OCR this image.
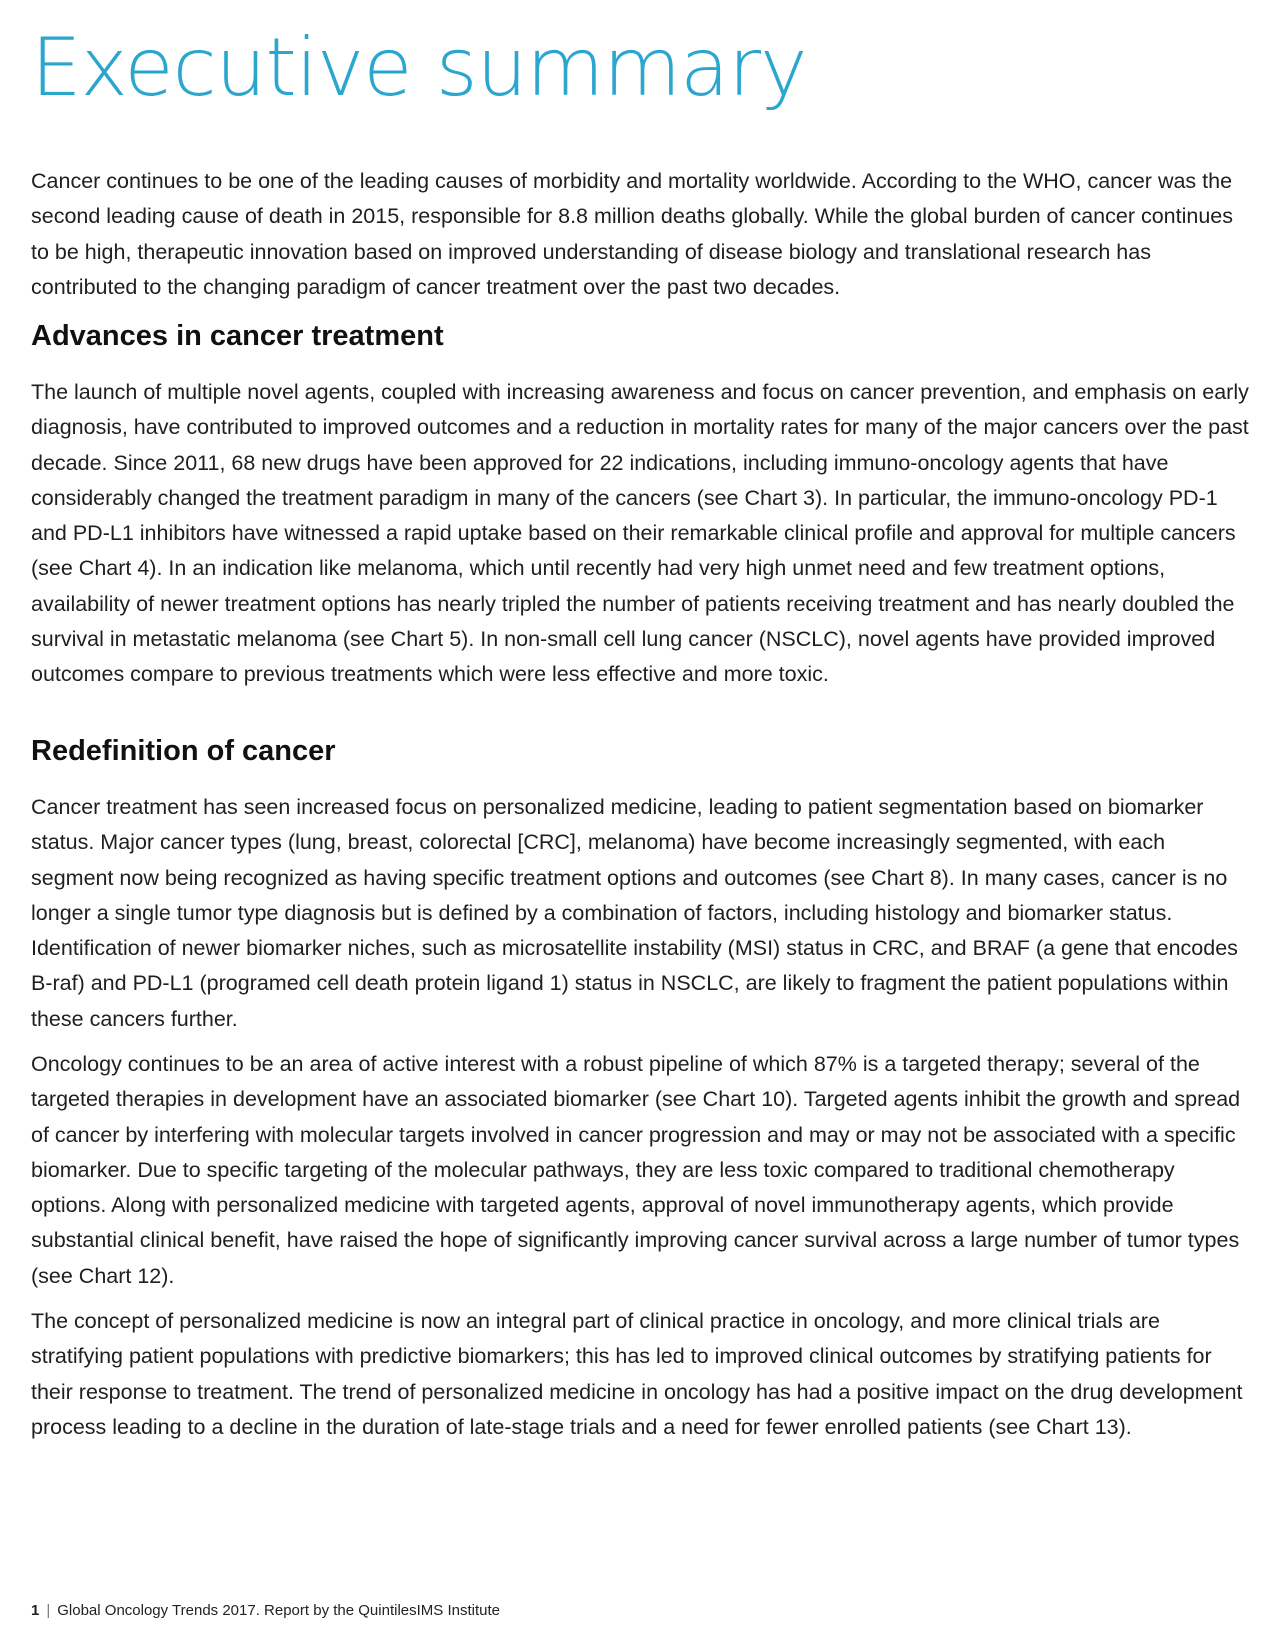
Executive summary

Cancer continues to be one of the leading causes of morbidity and mortality worldwide. According to the WHO, cancer was the second leading cause of death in 2015, responsible for 8.8 million deaths globally. While the global burden of cancer continues to be high, therapeutic innovation based on improved understanding of disease biology and translational research has contributed to the changing paradigm of cancer treatment over the past two decades.

Advances in cancer treatment

The launch of multiple novel agents, coupled with increasing awareness and focus on cancer prevention, and emphasis on early diagnosis, have contributed to improved outcomes and a reduction in mortality rates for many of the major cancers over the past decade. Since 2011, 68 new drugs have been approved for 22 indications, including immuno-oncology agents that have considerably changed the treatment paradigm in many of the cancers (see Chart 3). In particular, the immuno-oncology PD-1 and PD-L1 inhibitors have witnessed a rapid uptake based on their remarkable clinical profile and approval for multiple cancers (see Chart 4). In an indication like melanoma, which until recently had very high unmet need and few treatment options, availability of newer treatment options has nearly tripled the number of patients receiving treatment and has nearly doubled the survival in metastatic melanoma (see Chart 5). In non-small cell lung cancer (NSCLC), novel agents have provided improved outcomes compare to previous treatments which were less effective and more toxic.

Redefinition of cancer

Cancer treatment has seen increased focus on personalized medicine, leading to patient segmentation based on biomarker status. Major cancer types (lung, breast, colorectal [CRC], melanoma) have become increasingly segmented, with each segment now being recognized as having specific treatment options and outcomes (see Chart 8). In many cases, cancer is no longer a single tumor type diagnosis but is defined by a combination of factors, including histology and biomarker status. Identification of newer biomarker niches, such as microsatellite instability (MSI) status in CRC, and BRAF (a gene that encodes B-raf) and PD-L1 (programed cell death protein ligand 1) status in NSCLC, are likely to fragment the patient populations within these cancers further.

Oncology continues to be an area of active interest with a robust pipeline of which 87% is a targeted therapy; several of the targeted therapies in development have an associated biomarker (see Chart 10). Targeted agents inhibit the growth and spread of cancer by interfering with molecular targets involved in cancer progression and may or may not be associated with a specific biomarker. Due to specific targeting of the molecular pathways, they are less toxic compared to traditional chemotherapy options. Along with personalized medicine with targeted agents, approval of novel immunotherapy agents, which provide substantial clinical benefit, have raised the hope of significantly improving cancer survival across a large number of tumor types (see Chart 12).

The concept of personalized medicine is now an integral part of clinical practice in oncology, and more clinical trials are stratifying patient populations with predictive biomarkers; this has led to improved clinical outcomes by stratifying patients for their response to treatment. The trend of personalized medicine in oncology has had a positive impact on the drug development process leading to a decline in the duration of late-stage trials and a need for fewer enrolled patients (see Chart 13).

1 | Global Oncology Trends 2017. Report by the QuintilesIMS Institute
